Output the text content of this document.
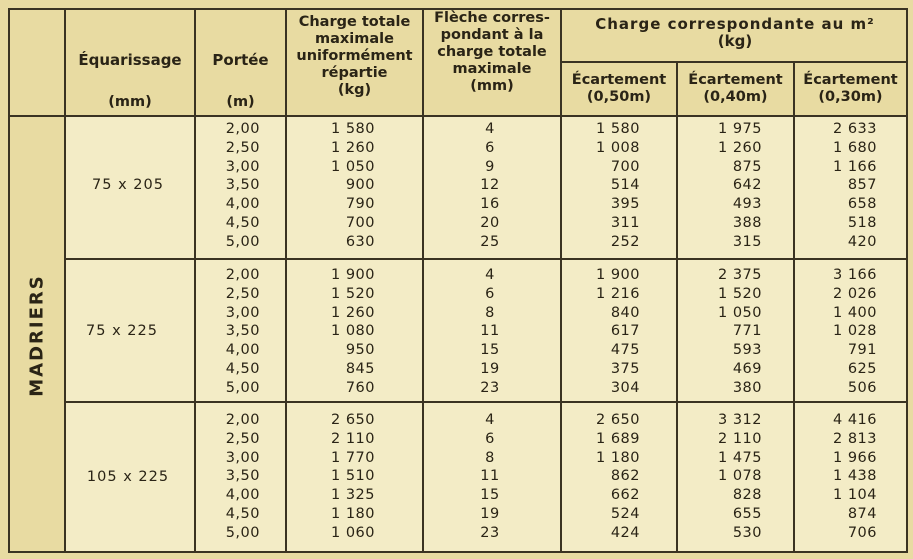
Équarissage
(mm)
Portée
(m)
Charge totale
maximale
uniformément
répartie
(kg)
Flèche corres-
pondant à la
charge totale
maximale
(mm)
Charge correspondante au m²
(kg)
Écartement
(0,50m)
Écartement
(0,40m)
Écartement
(0,30m)
MADRIERS
75 x 205
2,00
2,50
3,00
3,50
4,00
4,50
5,00
1 580
1 260
1 050
900
790
700
630
4
6
9
12
16
20
25
1 580
1 008
700
514
395
311
252
1 975
1 260
875
642
493
388
315
2 633
1 680
1 166
857
658
518
420
75 x 225
2,00
2,50
3,00
3,50
4,00
4,50
5,00
1 900
1 520
1 260
1 080
950
845
760
4
6
8
11
15
19
23
1 900
1 216
840
617
475
375
304
2 375
1 520
1 050
771
593
469
380
3 166
2 026
1 400
1 028
791
625
506
105 x 225
2,00
2,50
3,00
3,50
4,00
4,50
5,00
2 650
2 110
1 770
1 510
1 325
1 180
1 060
4
6
8
11
15
19
23
2 650
1 689
1 180
862
662
524
424
3 312
2 110
1 475
1 078
828
655
530
4 416
2 813
1 966
1 438
1 104
874
706
